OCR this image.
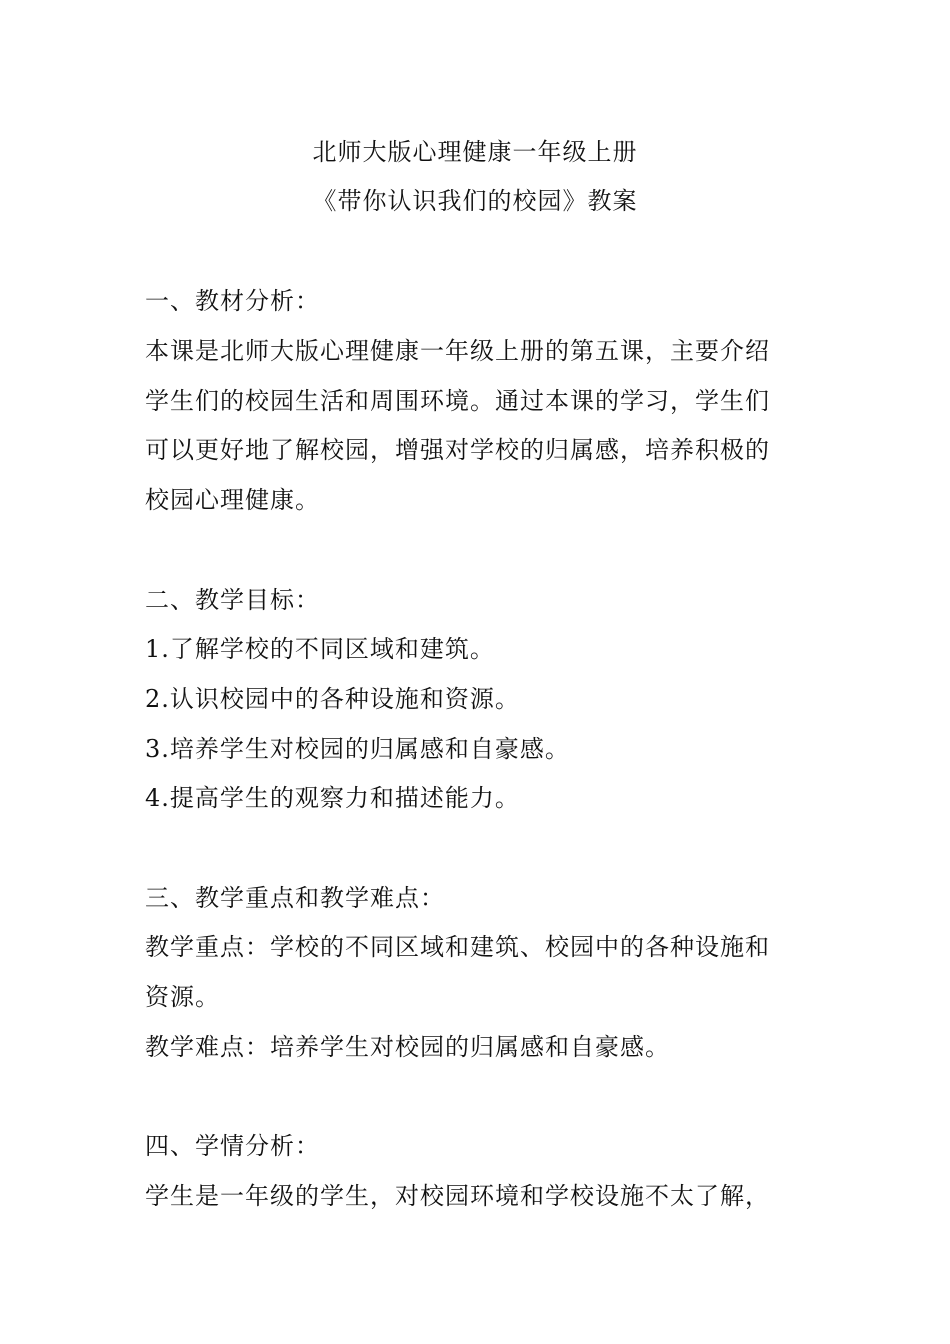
北师大版心理健康一年级上册
《带你认识我们的校园》教案
一、教材分析：
本课是北师大版心理健康一年级上册的第五课，主要介绍
学生们的校园生活和周围环境。通过本课的学习，学生们
可以更好地了解校园，增强对学校的归属感，培养积极的
校园心理健康。
二、教学目标：
1.了解学校的不同区域和建筑。
2.认识校园中的各种设施和资源。
3.培养学生对校园的归属感和自豪感。
4.提高学生的观察力和描述能力。
三、教学重点和教学难点：
教学重点：学校的不同区域和建筑、校园中的各种设施和
资源。
教学难点：培养学生对校园的归属感和自豪感。
四、学情分析：
学生是一年级的学生，对校园环境和学校设施不太了解，
